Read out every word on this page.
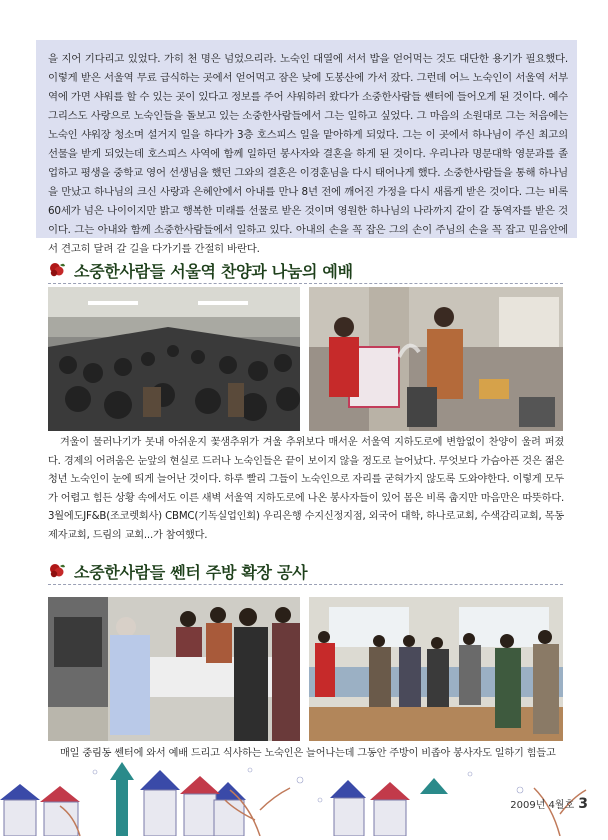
을 지어 기다리고 있었다. 가히 천 명은 넘었으리라. 노숙인 대열에 서서 밥을 얻어먹는 것도 대단한 용기가 필요했다. 이렇게 받은 서울역 무료 급식하는 곳에서 얻어먹고 잠은 낮에 도봉산에 가서 잤다. 그런데 어느 노숙인이 서울역 서부역에 가면 샤워를 할 수 있는 곳이 있다고 정보를 주어 샤워하러 왔다가 소중한사람들 쎈터에 들어오게 된 것이다. 예수 그리스도 사랑으로 노숙인들을 돌보고 있는 소중한사람들에서 그는 일하고 싶었다. 그 마음의 소원대로 그는 처음에는 노숙인 샤워장 청소며 설거지 일을 하다가 3층 호스피스 일을 맡아하게 되었다. 그는 이 곳에서 하나님이 주신 최고의 선물을 받게 되었는데 호스피스 사역에 함께 일하던 봉사자와 결혼을 하게 된 것이다. 우리나라 명문대학 영문과를 졸업하고 평생을 중학교 영어 선생님을 했던 그와의 결혼은 이경훈님을 다시 태어나게 했다. 소중한사람들을 통해 하나님을 만났고 하나님의 크신 사랑과 은혜안에서 아내를 만나 8년 전에 깨어진 가정을 다시 새롭게 받은 것이다. 그는 비록 60세가 넘은 나이이지만 밝고 행복한 미래를 선물로 받은 것이며 영원한 하나님의 나라까지 같이 갈 동역자를 받은 것이다. 그는 아내와 함께 소중한사람들에서 일하고 있다. 아내의 손을 꼭 잡은 그의 손이 주님의 손을 꼭 잡고 믿음안에서 견고히 달려 갈 길을 다가기를 간절히 바란다.

소중한사람들 서울역 찬양과 나눔의 예배

겨울이 물러나기가 못내 아쉬운지 꽃샘추위가 겨울 추위보다 매서운 서울역 지하도로에 변함없이 찬양이 울려 퍼졌다. 경제의 어려움은 눈앞의 현실로 드러나 노숙인들은 끝이 보이지 않을 정도로 늘어났다. 무엇보다 가슴아픈 것은 젊은 청년 노숙인이 눈에 띄게 늘어난 것이다. 하루 빨리 그들이 노숙인으로 자리를 굳혀가지 않도록 도와야한다. 이렇게 모두가 어렵고 힘든 상황 속에서도 이른 새벽 서울역 지하도로에 나온 봉사자들이 있어 몸은 비록 춥지만 마음만은 따뜻하다. 3월에도JF&B(조코렛회사) CBMC(기독실업인회) 우리은행 수지신정지점, 외국어 대학, 하나로교회, 수색감리교회, 목동제자교회, 드림의 교회...가 참여했다.

소중한사람들 쎈터 주방 확장 공사

매일 중림동 쎈터에 와서 예배 드리고 식사하는 노숙인은 늘어나는데 그동안 주방이 비좁아 봉사자도 일하기 힘들고

2009년 4월호 3
